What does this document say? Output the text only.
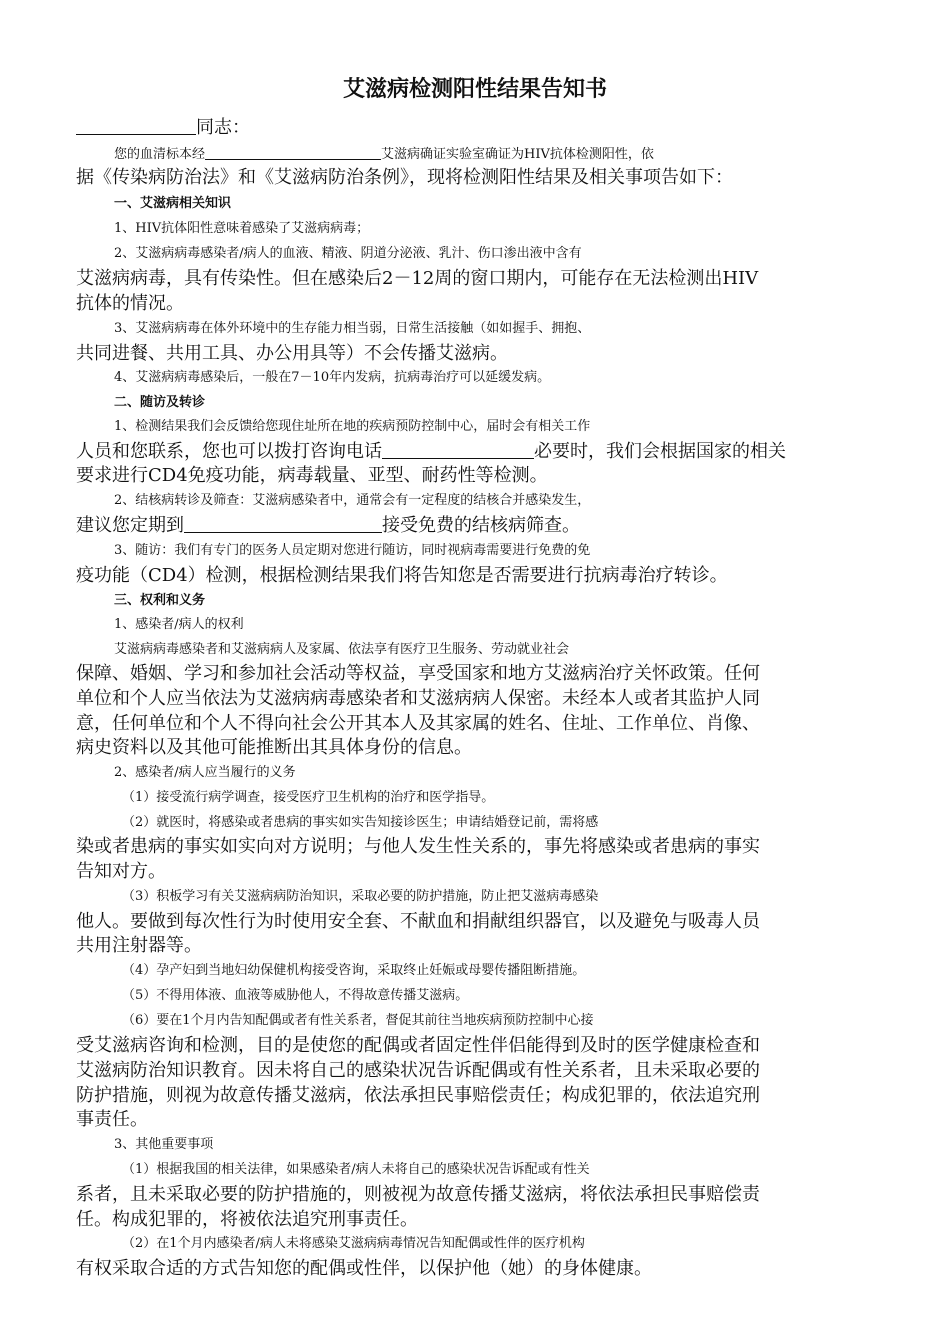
艾滋病检测阳性结果告知书
同志：
您的血清标本经	艾滋病确证实验室确证为HIV抗体检测阳性，依
据《传染病防治法》和《艾滋病防治条例》，现将检测阳性结果及相关事项告如下：
一、艾滋病相关知识
1、HIV抗体阳性意味着感染了艾滋病病毒；
2、艾滋病病毒感染者/病人的血液、精液、阴道分泌液、乳汁、伤口渗出液中含有
艾滋病病毒，具有传染性。但在感染后2－12周的窗口期内，可能存在无法检测出HIV
抗体的情况。
3、艾滋病病毒在体外环境中的生存能力相当弱，日常生活接触（如如握手、拥抱、
共同进餐、共用工具、办公用具等）不会传播艾滋病。
4、艾滋病病毒感染后，一般在7－10年内发病，抗病毒治疗可以延缓发病。
二、随访及转诊
1、检测结果我们会反馈给您现住址所在地的疾病预防控制中心，届时会有相关工作
人员和您联系，您也可以拨打咨询电话	必要时，我们会根据国家的相关
要求进行CD4免疫功能，病毒载量、亚型、耐药性等检测。
2、结核病转诊及筛查：艾滋病感染者中，通常会有一定程度的结核合并感染发生，
建议您定期到	接受免费的结核病筛查。
3、随访：我们有专门的医务人员定期对您进行随访，同时视病毒需要进行免费的免
疫功能（CD4）检测，根据检测结果我们将告知您是否需要进行抗病毒治疗转诊。
三、权利和义务
1、感染者/病人的权利
艾滋病病毒感染者和艾滋病病人及家属、依法享有医疗卫生服务、劳动就业社会
保障、婚姻、学习和参加社会活动等权益，享受国家和地方艾滋病治疗关怀政策。任何
单位和个人应当依法为艾滋病病毒感染者和艾滋病病人保密。未经本人或者其监护人同
意，任何单位和个人不得向社会公开其本人及其家属的姓名、住址、工作单位、肖像、
病史资料以及其他可能推断出其具体身份的信息。
2、感染者/病人应当履行的义务
（1）接受流行病学调查，接受医疗卫生机构的治疗和医学指导。
（2）就医时，将感染或者患病的事实如实告知接诊医生；申请结婚登记前，需将感
染或者患病的事实如实向对方说明；与他人发生性关系的，事先将感染或者患病的事实
告知对方。
（3）积板学习有关艾滋病病防治知识，采取必要的防护措施，防止把艾滋病毒感染
他人。要做到每次性行为时使用安全套、不献血和捐献组织器官，以及避免与吸毒人员
共用注射器等。
（4）孕产妇到当地妇幼保健机构接受咨询，采取终止妊娠或母婴传播阻断措施。
（5）不得用体液、血液等威胁他人，不得故意传播艾滋病。
（6）要在1个月内告知配偶或者有性关系者，督促其前往当地疾病预防控制中心接
受艾滋病咨询和检测，目的是使您的配偶或者固定性伴侣能得到及时的医学健康检查和
艾滋病防治知识教育。因未将自己的感染状况告诉配偶或有性关系者，且未采取必要的
防护措施，则视为故意传播艾滋病，依法承担民事赔偿责任；构成犯罪的，依法追究刑
事责任。
3、其他重要事项
（1）根据我国的相关法律，如果感染者/病人未将自己的感染状况告诉配或有性关
系者，且未采取必要的防护措施的，则被视为故意传播艾滋病，将依法承担民事赔偿责
任。构成犯罪的，将被依法追究刑事责任。
（2）在1个月内感染者/病人未将感染艾滋病病毒情况告知配偶或性伴的医疗机构
有权采取合适的方式告知您的配偶或性伴，以保护他（她）的身体健康。
